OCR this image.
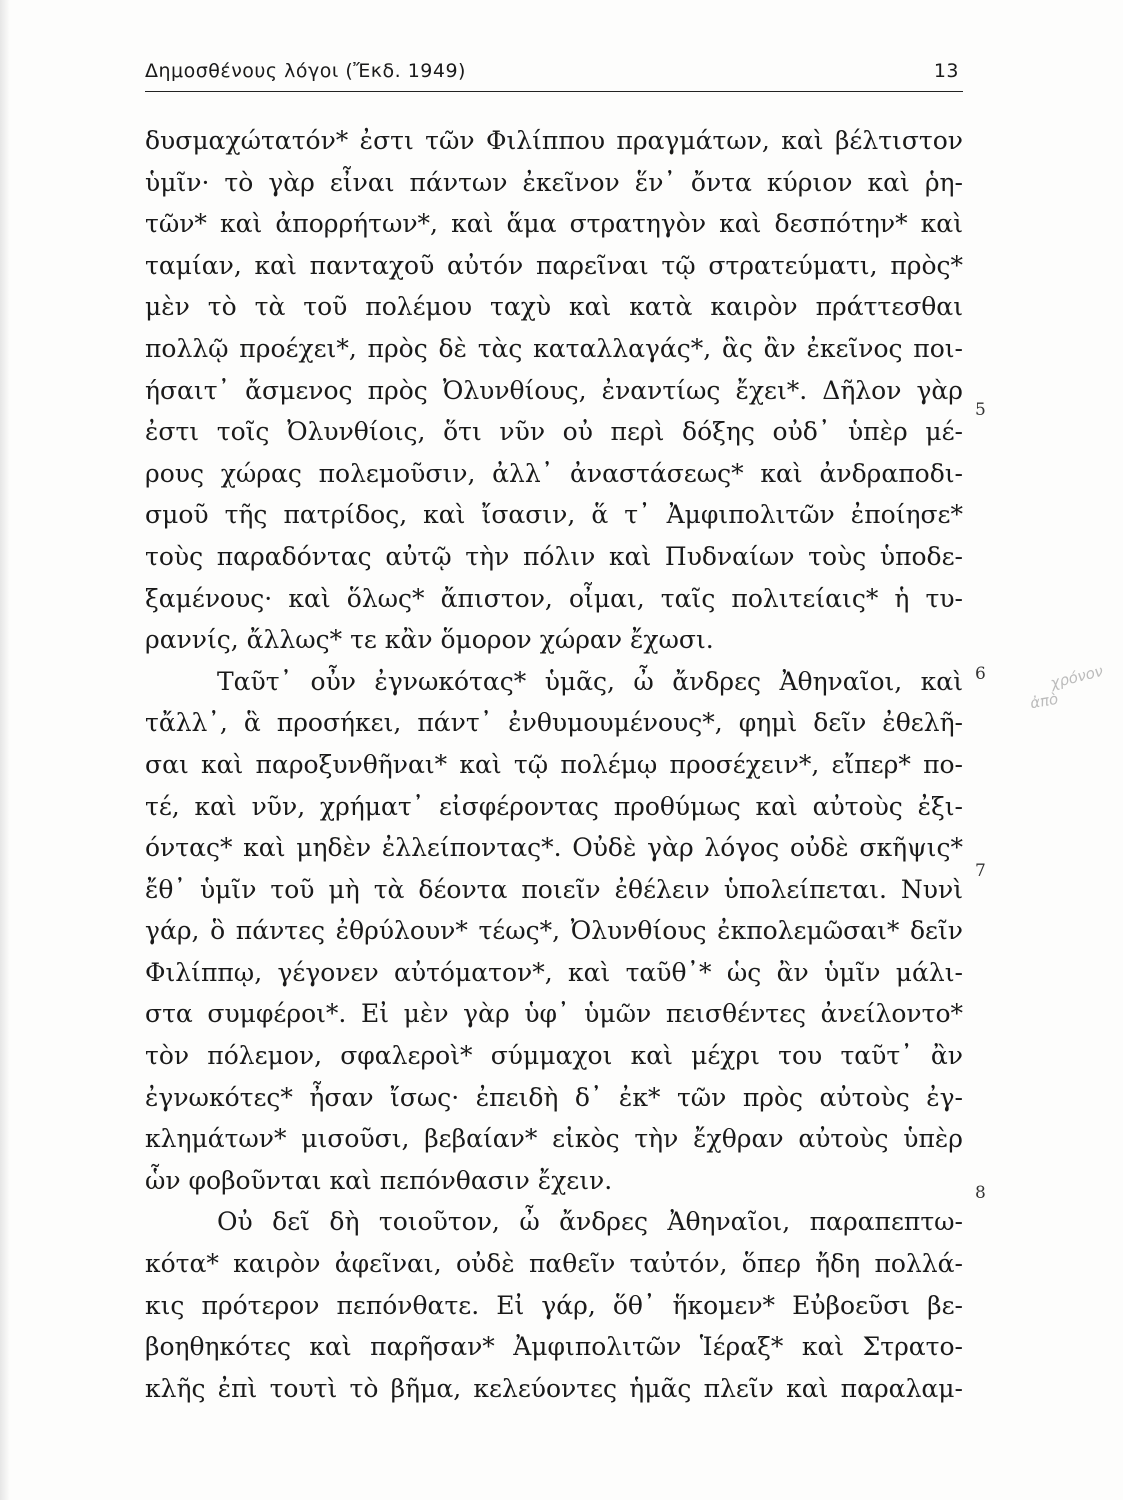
Δημοσθένους λόγοι (Ἔκδ. 1949)	13
δυσμαχώτατόν* ἐστι τῶν Φιλίππου πραγμάτων, καὶ βέλτιστον
ὑμῖν· τὸ γὰρ εἶναι πάντων ἐκεῖνον ἕν᾽ ὄντα κύριον καὶ ῥη-
τῶν* καὶ ἀπορρήτων*, καὶ ἅμα στρατηγὸν καὶ δεσπότην* καὶ
ταμίαν, καὶ πανταχοῦ αὐτόν παρεῖναι τῷ στρατεύματι, πρὸς*
μὲν τὸ τὰ τοῦ πολέμου ταχὺ καὶ κατὰ καιρὸν πράττεσθαι
πολλῷ προέχει*, πρὸς δὲ τὰς καταλλαγάς*, ἃς ἂν ἐκεῖνος ποι-
ήσαιτ᾽ ἄσμενος πρὸς Ὀλυνθίους, ἐναντίως ἔχει*. Δῆλον γὰρ
ἐστι τοῖς Ὀλυνθίοις, ὅτι νῦν οὐ περὶ δόξης οὐδ᾽ ὑπὲρ μέ-
ρους χώρας πολεμοῦσιν, ἀλλ᾽ ἀναστάσεως* καὶ ἀνδραποδι-
σμοῦ τῆς πατρίδος, καὶ ἴσασιν, ἅ τ᾽ Ἀμφιπολιτῶν ἐποίησε*
τοὺς παραδόντας αὐτῷ τὴν πόλιν καὶ Πυδναίων τοὺς ὑποδε-
ξαμένους· καὶ ὅλως* ἄπιστον, οἶμαι, ταῖς πολιτείαις* ἡ τυ-
ραννίς, ἄλλως* τε κἂν ὅμορον χώραν ἔχωσι.
Ταῦτ᾽ οὖν ἐγνωκότας* ὑμᾶς, ὦ ἄνδρες Ἀθηναῖοι, καὶ
τἄλλ᾽, ἃ προσήκει, πάντ᾽ ἐνθυμουμένους*, φημὶ δεῖν ἐθελῆ-
σαι καὶ παροξυνθῆναι* καὶ τῷ πολέμῳ προσέχειν*, εἴπερ* πο-
τέ, καὶ νῦν, χρήματ᾽ εἰσφέροντας προθύμως καὶ αὐτοὺς ἐξι-
όντας* καὶ μηδὲν ἐλλείποντας*. Οὐδὲ γὰρ λόγος οὐδὲ σκῆψις*
ἔθ᾽ ὑμῖν τοῦ μὴ τὰ δέοντα ποιεῖν ἐθέλειν ὑπολείπεται. Νυνὶ
γάρ, ὃ πάντες ἐθρύλουν* τέως*, Ὀλυνθίους ἐκπολεμῶσαι* δεῖν
Φιλίππῳ, γέγονεν αὐτόματον*, καὶ ταῦθ᾽* ὡς ἂν ὑμῖν μάλι-
στα συμφέροι*. Εἰ μὲν γὰρ ὑφ᾽ ὑμῶν πεισθέντες ἀνείλοντο*
τὸν πόλεμον, σφαλεροὶ* σύμμαχοι καὶ μέχρι του ταῦτ᾽ ἂν
ἐγνωκότες* ἦσαν ἴσως· ἐπειδὴ δ᾽ ἐκ* τῶν πρὸς αὐτοὺς ἐγ-
κλημάτων* μισοῦσι, βεβαίαν* εἰκὸς τὴν ἔχθραν αὐτοὺς ὑπὲρ
ὧν φοβοῦνται καὶ πεπόνθασιν ἔχειν.
Οὐ δεῖ δὴ τοιοῦτον, ὦ ἄνδρες Ἀθηναῖοι, παραπεπτω-
κότα* καιρὸν ἀφεῖναι, οὐδὲ παθεῖν ταὐτόν, ὅπερ ἤδη πολλά-
κις πρότερον πεπόνθατε. Εἰ γάρ, ὅθ᾽ ἥκομεν* Εὐβοεῦσι βε-
βοηθηκότες καὶ παρῆσαν* Ἀμφιπολιτῶν Ἱέραξ* καὶ Στρατο-
κλῆς ἐπὶ τουτὶ τὸ βῆμα, κελεύοντες ἡμᾶς πλεῖν καὶ παραλαμ-
5
6
7
8
ἀπὸ
χρόνον
